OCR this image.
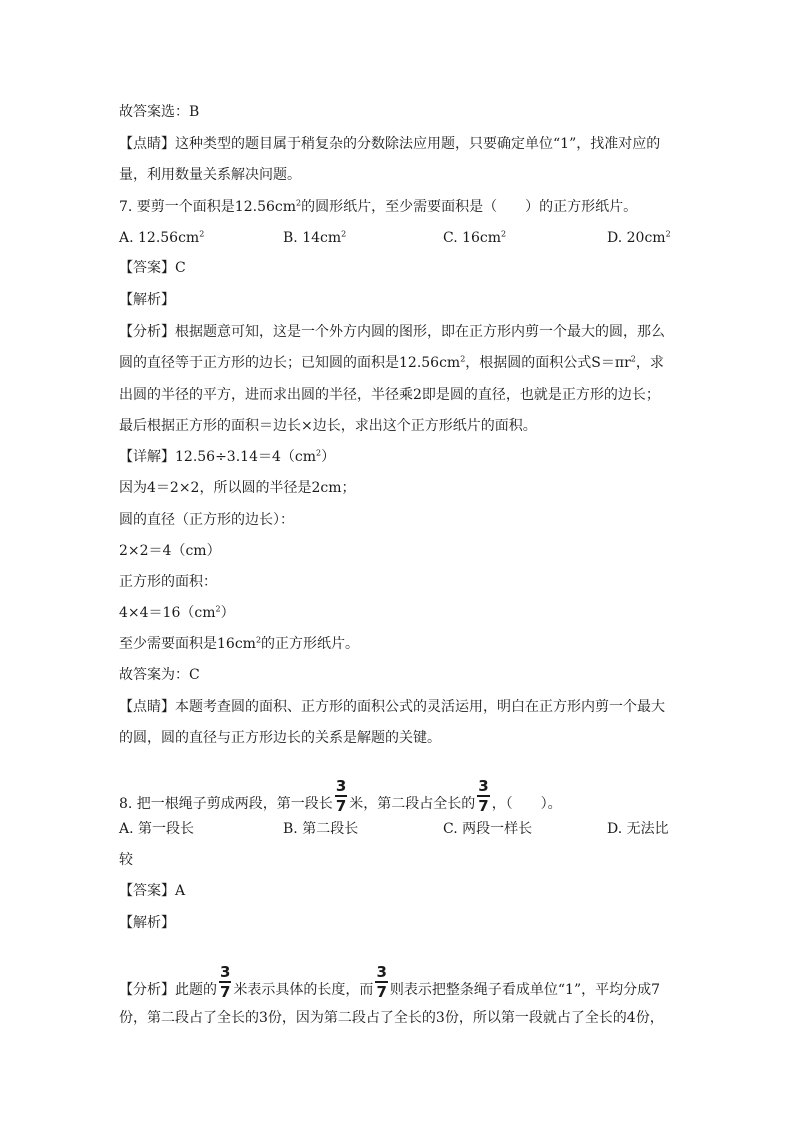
故答案选：B
【点睛】这种类型的题目属于稍复杂的分数除法应用题，只要确定单位“1”，找准对应的
量，利用数量关系解决问题。
7. 要剪一个面积是$12.56cm^2$的圆形纸片，至少需要面积是（　　）的正方形纸片。
A. $12.56cm^2$	B. $14cm^2$	C. $16cm^2$	D. $20cm^2$
【答案】C
【解析】
【分析】根据题意可知，这是一个外方内圆的图形，即在正方形内剪一个最大的圆，那么
圆的直径等于正方形的边长；已知圆的面积是$12.56cm^2$，根据圆的面积公式$S=\pi r^2$，求
出圆的半径的平方，进而求出圆的半径，半径乘2即是圆的直径，也就是正方形的边长；
最后根据正方形的面积＝边长×边长，求出这个正方形纸片的面积。
【详解】$12.56\div 3.14=4(cm^2)$
因为4＝2×2，所以圆的半径是2cm；
圆的直径（正方形的边长）：
2×2＝4（cm）
正方形的面积：
$4\times 4=16(cm^2)$
至少需要面积是$16cm^2$的正方形纸片。
故答案为：C
【点睛】本题考查圆的面积、正方形的面积公式的灵活运用，明白在正方形内剪一个最大
的圆，圆的直径与正方形边长的关系是解题的关键。
8. 把一根绳子剪成两段，第一段长 $\frac{3}{7}$ 米，第二段占全长的 $\frac{3}{7}$ ，（　　）。
A. 第一段长	B. 第二段长	C. 两段一样长	D. 无法比
较
【答案】A
【解析】
【分析】此题的 $\frac{3}{7}$ 米表示具体的长度，而 $\frac{3}{7}$ 则表示把整条绳子看成单位“1”，平均分成7
份，第二段占了全长的3份，因为第二段占了全长的3份，所以第一段就占了全长的4份，
